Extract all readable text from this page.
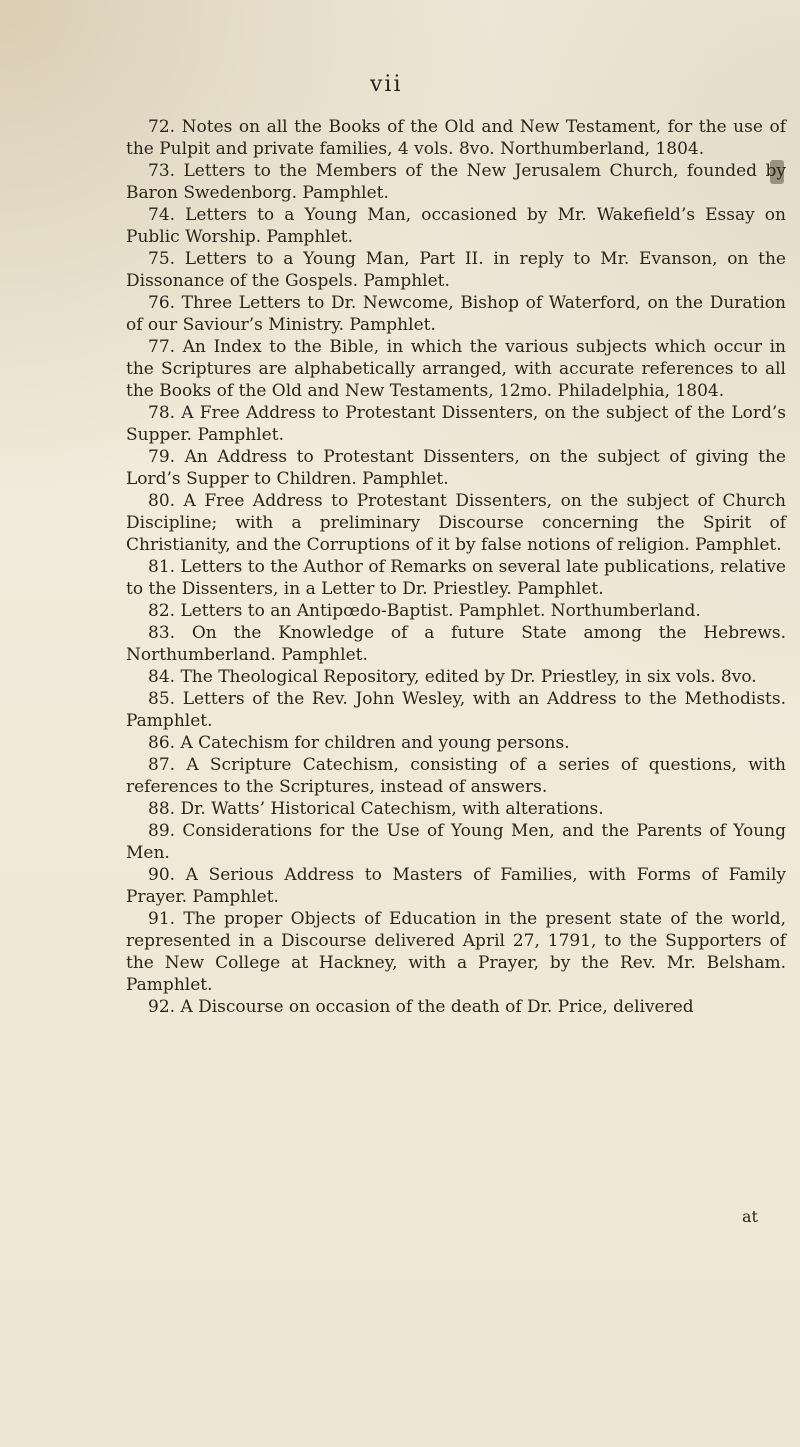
vii

72. Notes on all the Books of the Old and New Testament, for the use of the Pulpit and private families, 4 vols. 8vo. Northumberland, 1804.

73. Letters to the Members of the New Jerusalem Church, founded by Baron Swedenborg. Pamphlet.

74. Letters to a Young Man, occasioned by Mr. Wakefield’s Essay on Public Worship. Pamphlet.

75. Letters to a Young Man, Part II. in reply to Mr. Evanson, on the Dissonance of the Gospels. Pamphlet.

76. Three Letters to Dr. Newcome, Bishop of Waterford, on the Duration of our Saviour’s Ministry. Pamphlet.

77. An Index to the Bible, in which the various subjects which occur in the Scriptures are alphabetically arranged, with accurate references to all the Books of the Old and New Testaments, 12mo. Philadelphia, 1804.

78. A Free Address to Protestant Dissenters, on the subject of the Lord’s Supper. Pamphlet.

79. An Address to Protestant Dissenters, on the subject of giving the Lord’s Supper to Children. Pamphlet.

80. A Free Address to Protestant Dissenters, on the subject of Church Discipline; with a preliminary Discourse concerning the Spirit of Christianity, and the Corruptions of it by false notions of religion. Pamphlet.

81. Letters to the Author of Remarks on several late publications, relative to the Dissenters, in a Letter to Dr. Priestley. Pamphlet.

82. Letters to an Antipœdo-Baptist. Pamphlet. Northumberland.

83. On the Knowledge of a future State among the Hebrews. Northumberland. Pamphlet.

84. The Theological Repository, edited by Dr. Priestley, in six vols. 8vo.

85. Letters of the Rev. John Wesley, with an Address to the Methodists. Pamphlet.

86. A Catechism for children and young persons.

87. A Scripture Catechism, consisting of a series of questions, with references to the Scriptures, instead of answers.

88. Dr. Watts’ Historical Catechism, with alterations.

89. Considerations for the Use of Young Men, and the Parents of Young Men.

90. A Serious Address to Masters of Families, with Forms of Family Prayer. Pamphlet.

91. The proper Objects of Education in the present state of the world, represented in a Discourse delivered April 27, 1791, to the Supporters of the New College at Hackney, with a Prayer, by the Rev. Mr. Belsham. Pamphlet.

92. A Discourse on occasion of the death of Dr. Price, delivered

at
